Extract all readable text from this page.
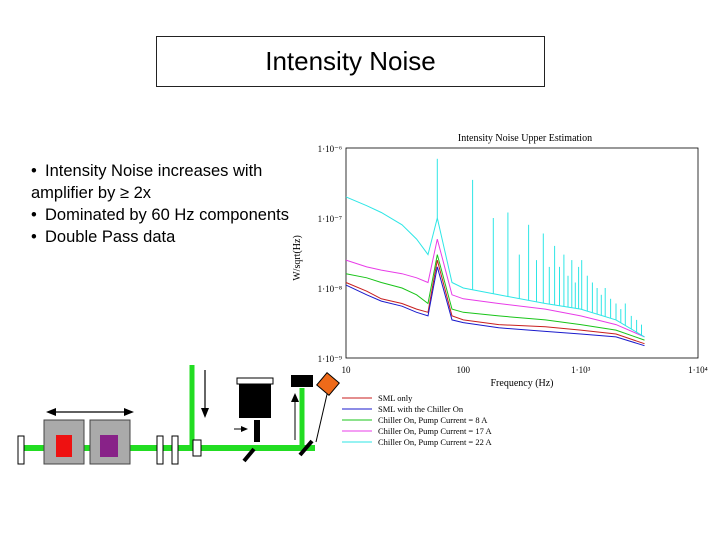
Intensity Noise

• Intensity Noise increases with amplifier by ≥ 2x

• Dominated by 60 Hz components

• Double Pass data

Intensity Noise Upper Estimation
Frequency (Hz)
W/sqrt(Hz)
10	100	1·10³	1·10⁴
1·10⁻⁶
1·10⁻⁷
1·10⁻⁸
1·10⁻⁹
SML only
SML with the Chiller On
Chiller On, Pump Current = 8 A
Chiller On, Pump Current = 17 A
Chiller On, Pump Current = 22 A
